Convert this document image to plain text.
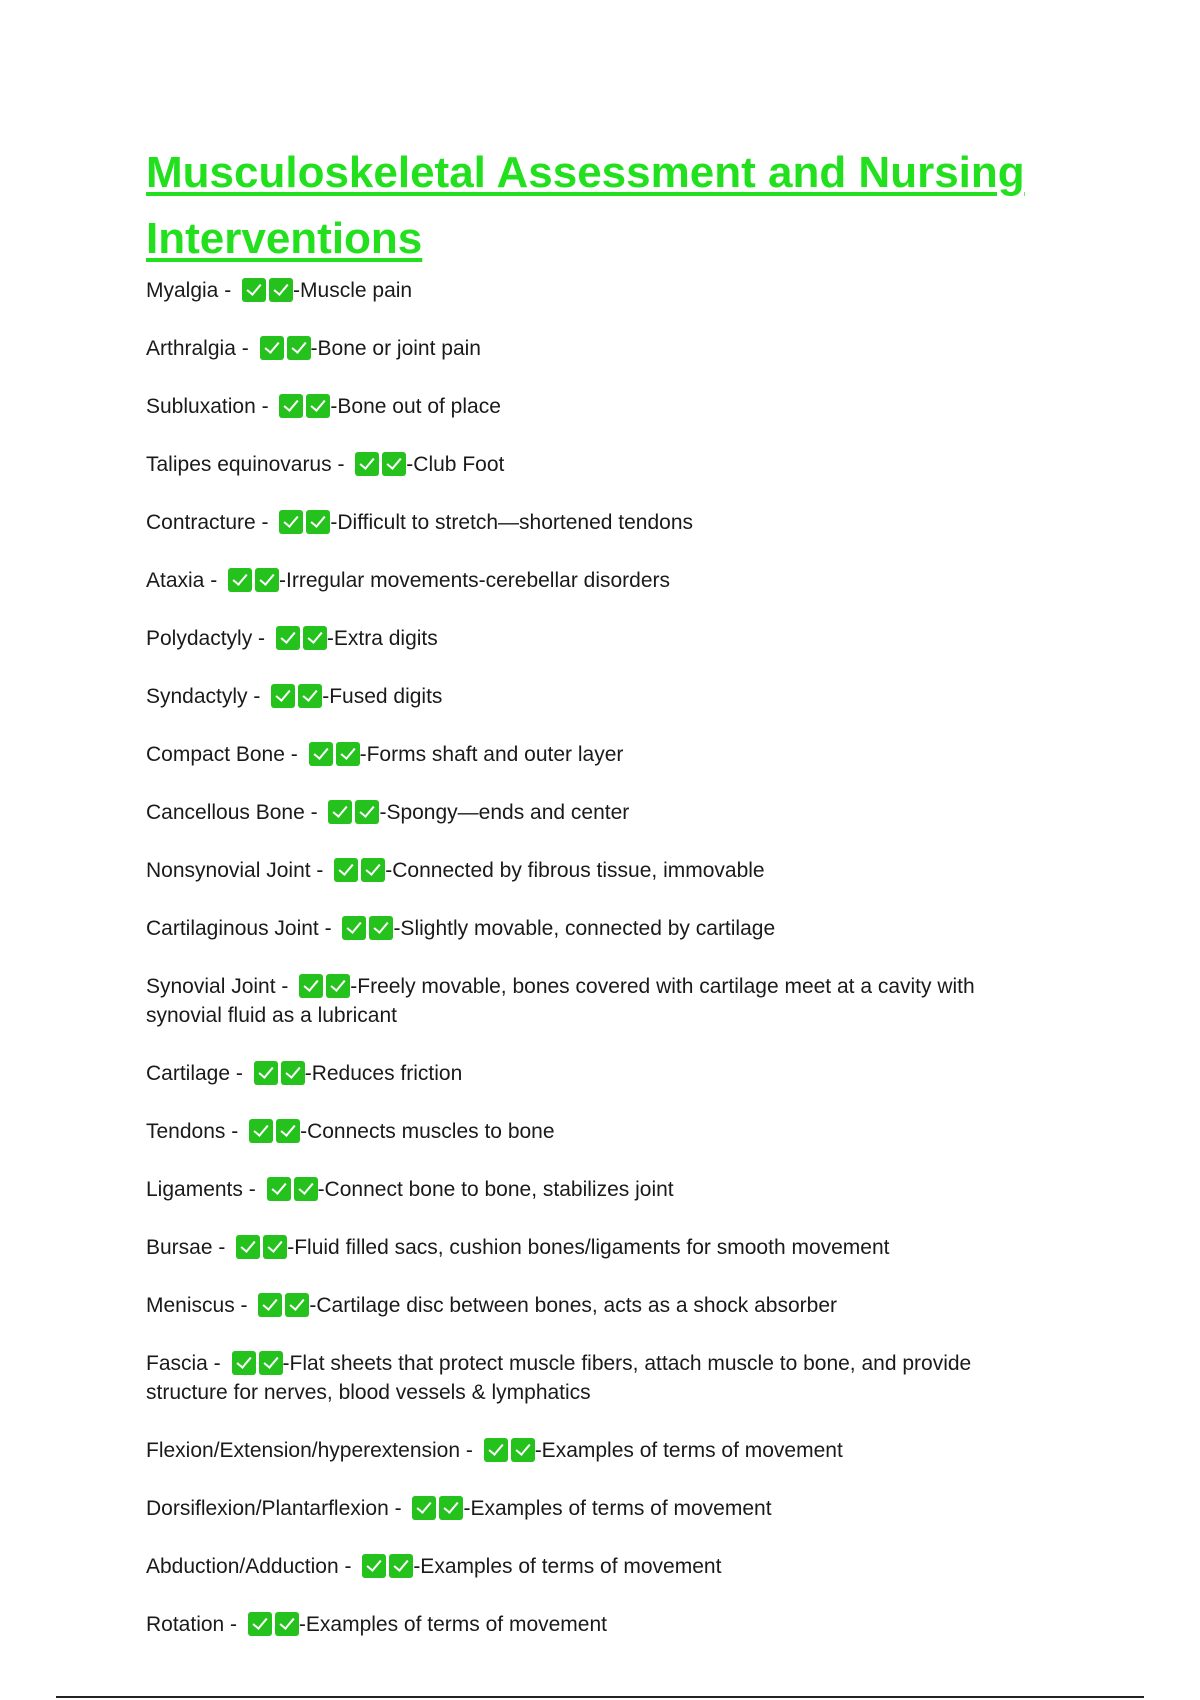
Musculoskeletal Assessment and Nursing Interventions
Myalgia -	-Muscle pain
Arthralgia -	-Bone or joint pain
Subluxation -	-Bone out of place
Talipes equinovarus -	-Club Foot
Contracture -	-Difficult to stretch—shortened tendons
Ataxia -	-Irregular movements-cerebellar disorders
Polydactyly -	-Extra digits
Syndactyly -	-Fused digits
Compact Bone -	-Forms shaft and outer layer
Cancellous Bone -	-Spongy—ends and center
Nonsynovial Joint -	-Connected by fibrous tissue, immovable
Cartilaginous Joint -	-Slightly movable, connected by cartilage
Synovial Joint -	-Freely movable, bones covered with cartilage meet at a cavity with synovial fluid as a lubricant
Cartilage -	-Reduces friction
Tendons -	-Connects muscles to bone
Ligaments -	-Connect bone to bone, stabilizes joint
Bursae -	-Fluid filled sacs, cushion bones/ligaments for smooth movement
Meniscus -	-Cartilage disc between bones, acts as a shock absorber
Fascia -	-Flat sheets that protect muscle fibers, attach muscle to bone, and provide structure for nerves, blood vessels & lymphatics
Flexion/Extension/hyperextension -	-Examples of terms of movement
Dorsiflexion/Plantarflexion -	-Examples of terms of movement
Abduction/Adduction -	-Examples of terms of movement
Rotation -	-Examples of terms of movement
